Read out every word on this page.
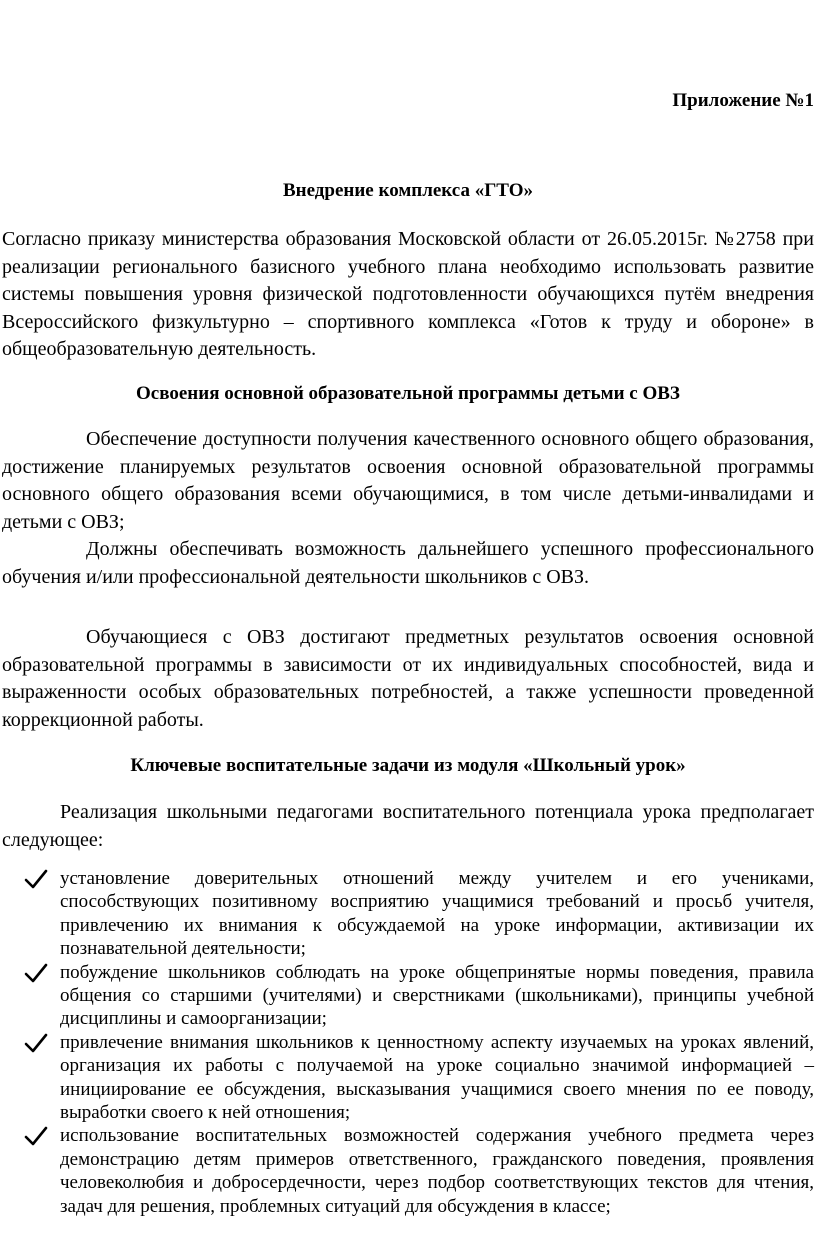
Приложение №1

Внедрение комплекса «ГТО»

Согласно приказу министерства образования Московской области от 26.05.2015г. №2758 при реализации регионального базисного учебного плана необходимо использовать развитие системы повышения уровня физической подготовленности обучающихся путём внедрения Всероссийского физкультурно – спортивного комплекса «Готов к труду и обороне» в общеобразовательную деятельность.

Освоения основной образовательной программы детьми с ОВЗ

Обеспечение доступности получения качественного основного общего образования, достижение планируемых результатов освоения основной образовательной программы основного общего образования всеми обучающимися, в том числе детьми-инвалидами и детьми с ОВЗ;

Должны обеспечивать возможность дальнейшего успешного профессионального обучения и/или профессиональной деятельности школьников с ОВЗ.

Обучающиеся с ОВЗ достигают предметных результатов освоения основной образовательной программы в зависимости от их индивидуальных способностей, вида и выраженности особых образовательных потребностей, а также успешности проведенной коррекционной работы.

Ключевые воспитательные задачи из модуля «Школьный урок»

Реализация школьными педагогами воспитательного потенциала урока предполагает следующее:

установление доверительных отношений между учителем и его учениками, способствующих позитивному восприятию учащимися требований и просьб учителя, привлечению их внимания к обсуждаемой на уроке информации, активизации их познавательной деятельности;
побуждение школьников соблюдать на уроке общепринятые нормы поведения, правила общения со старшими (учителями) и сверстниками (школьниками), принципы учебной дисциплины и самоорганизации;
привлечение внимания школьников к ценностному аспекту изучаемых на уроках явлений, организация их работы с получаемой на уроке социально значимой информацией – инициирование ее обсуждения, высказывания учащимися своего мнения по ее поводу, выработки своего к ней отношения;
использование воспитательных возможностей содержания учебного предмета через демонстрацию детям примеров ответственного, гражданского поведения, проявления человеколюбия и добросердечности, через подбор соответствующих текстов для чтения, задач для решения, проблемных ситуаций для обсуждения в классе;
